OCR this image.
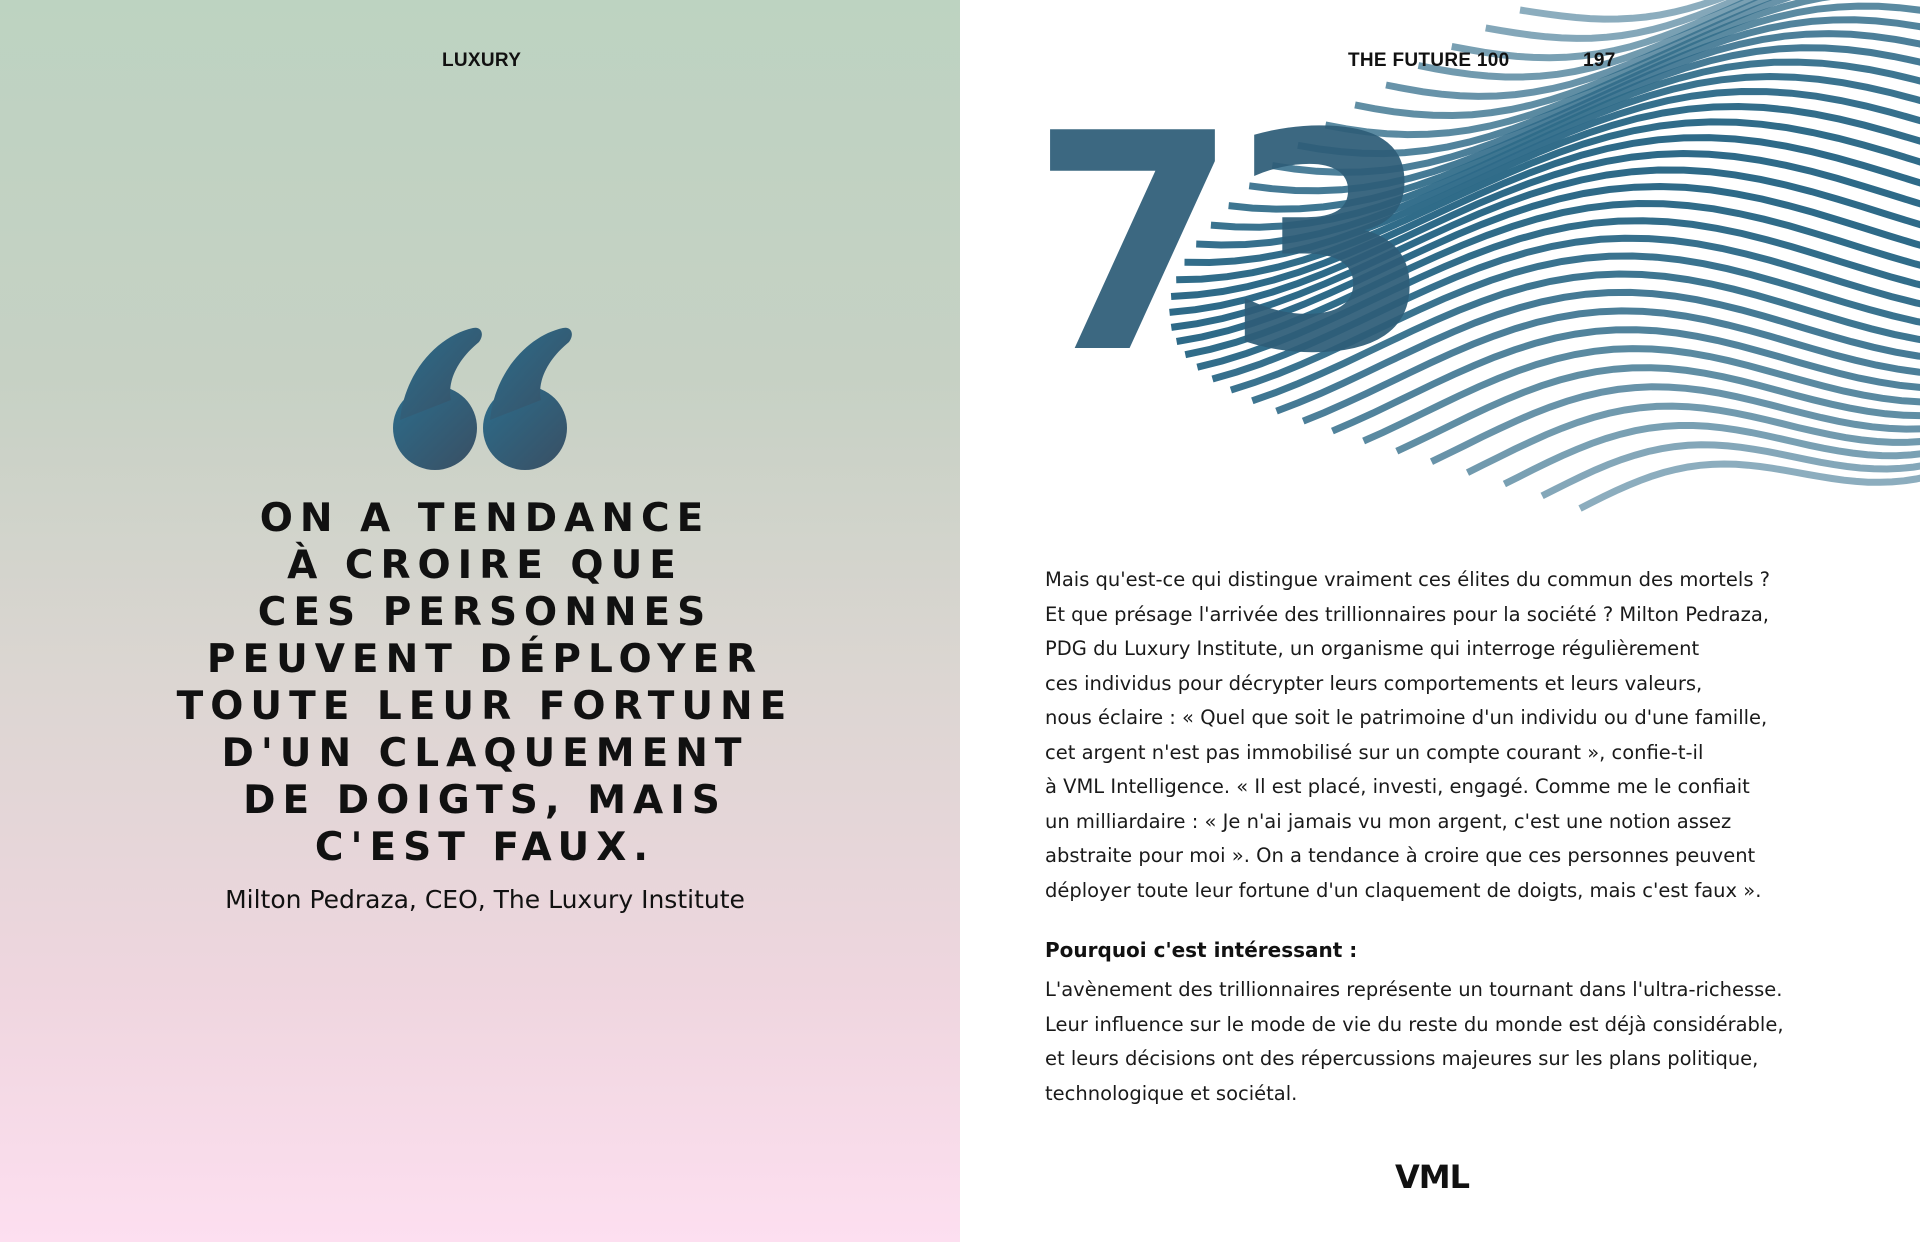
LUXURY
ON A TENDANCE
À CROIRE QUE
CES PERSONNES
PEUVENT DÉPLOYER
TOUTE LEUR FORTUNE
D'UN CLAQUEMENT
DE DOIGTS, MAIS
C'EST FAUX.
Milton Pedraza, CEO, The Luxury Institute
73
THE FUTURE 100	197
Mais qu'est-ce qui distingue vraiment ces élites du commun des mortels ?
Et que présage l'arrivée des trillionnaires pour la société ? Milton Pedraza,
PDG du Luxury Institute, un organisme qui interroge régulièrement
ces individus pour décrypter leurs comportements et leurs valeurs,
nous éclaire : « Quel que soit le patrimoine d'un individu ou d'une famille,
cet argent n'est pas immobilisé sur un compte courant », confie-t-il
à VML Intelligence. « Il est placé, investi, engagé. Comme me le confiait
un milliardaire : « Je n'ai jamais vu mon argent, c'est une notion assez
abstraite pour moi ». On a tendance à croire que ces personnes peuvent
déployer toute leur fortune d'un claquement de doigts, mais c'est faux ».
Pourquoi c'est intéressant :
L'avènement des trillionnaires représente un tournant dans l'ultra-richesse.
Leur influence sur le mode de vie du reste du monde est déjà considérable,
et leurs décisions ont des répercussions majeures sur les plans politique,
technologique et sociétal.
VML
